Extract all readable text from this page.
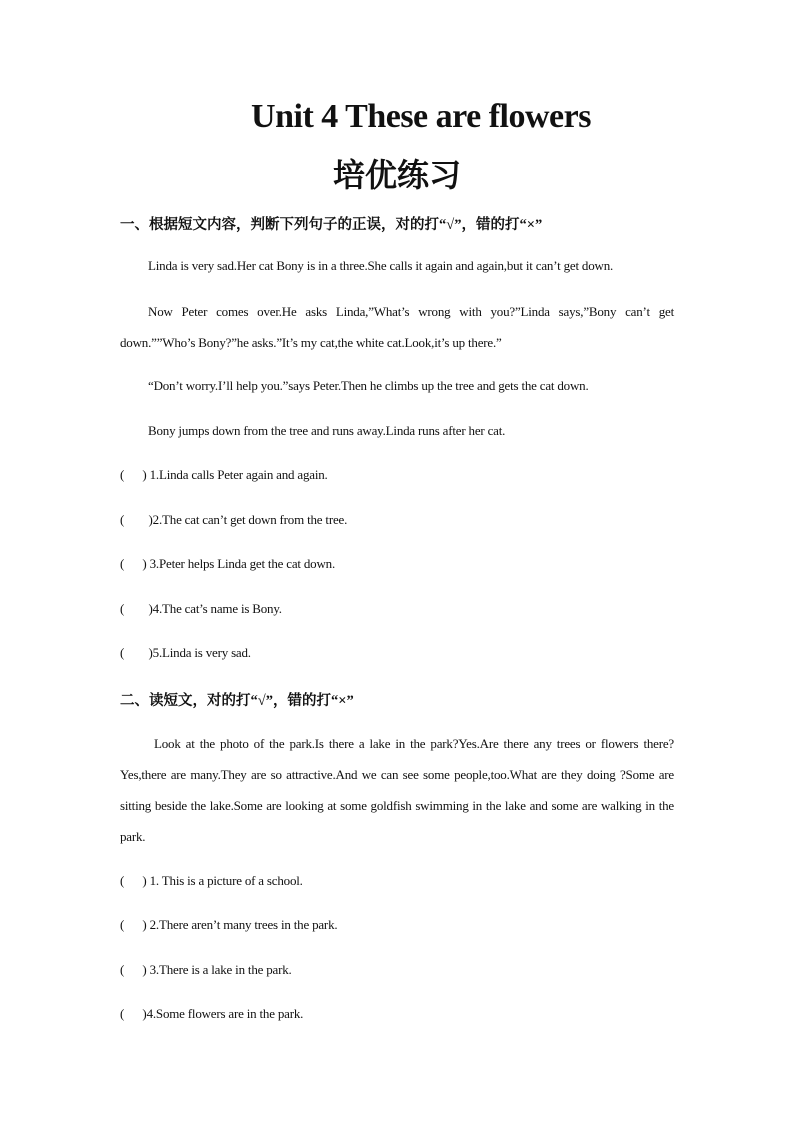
Unit 4 These are flowers
培优练习

一、根据短文内容，判断下列句子的正误，对的打“√”，错的打“×”

Linda is very sad.Her cat Bony is in a three.She calls it again and again,but it can’t get down.

Now Peter comes over.He asks Linda,”What’s wrong with you?”Linda says,”Bony can’t get down.””Who’s Bony?”he asks.”It’s my cat,the white cat.Look,it’s up there.”

“Don’t worry.I’ll help you.”says Peter.Then he climbs up the tree and gets the cat down.

Bony jumps down from the tree and runs away.Linda runs after her cat.

(      ) 1.Linda calls Peter again and again.

(        )2.The cat can’t get down from the tree.

(      ) 3.Peter helps Linda get the cat down.

(        )4.The cat’s name is Bony.

(        )5.Linda is very sad.

二、读短文，对的打“√”，错的打“×”

Look at the photo of the park.Is there a lake in the park?Yes.Are there any trees or flowers there?Yes,there are many.They are so attractive.And we can see some people,too.What are they doing ?Some are sitting beside the lake.Some are looking at some goldfish swimming in the lake and some are walking in the park.

(      ) 1. This is a picture of a school.

(      ) 2.There aren’t many trees in the park.

(      ) 3.There is a lake in the park.

(      )4.Some flowers are in the park.
